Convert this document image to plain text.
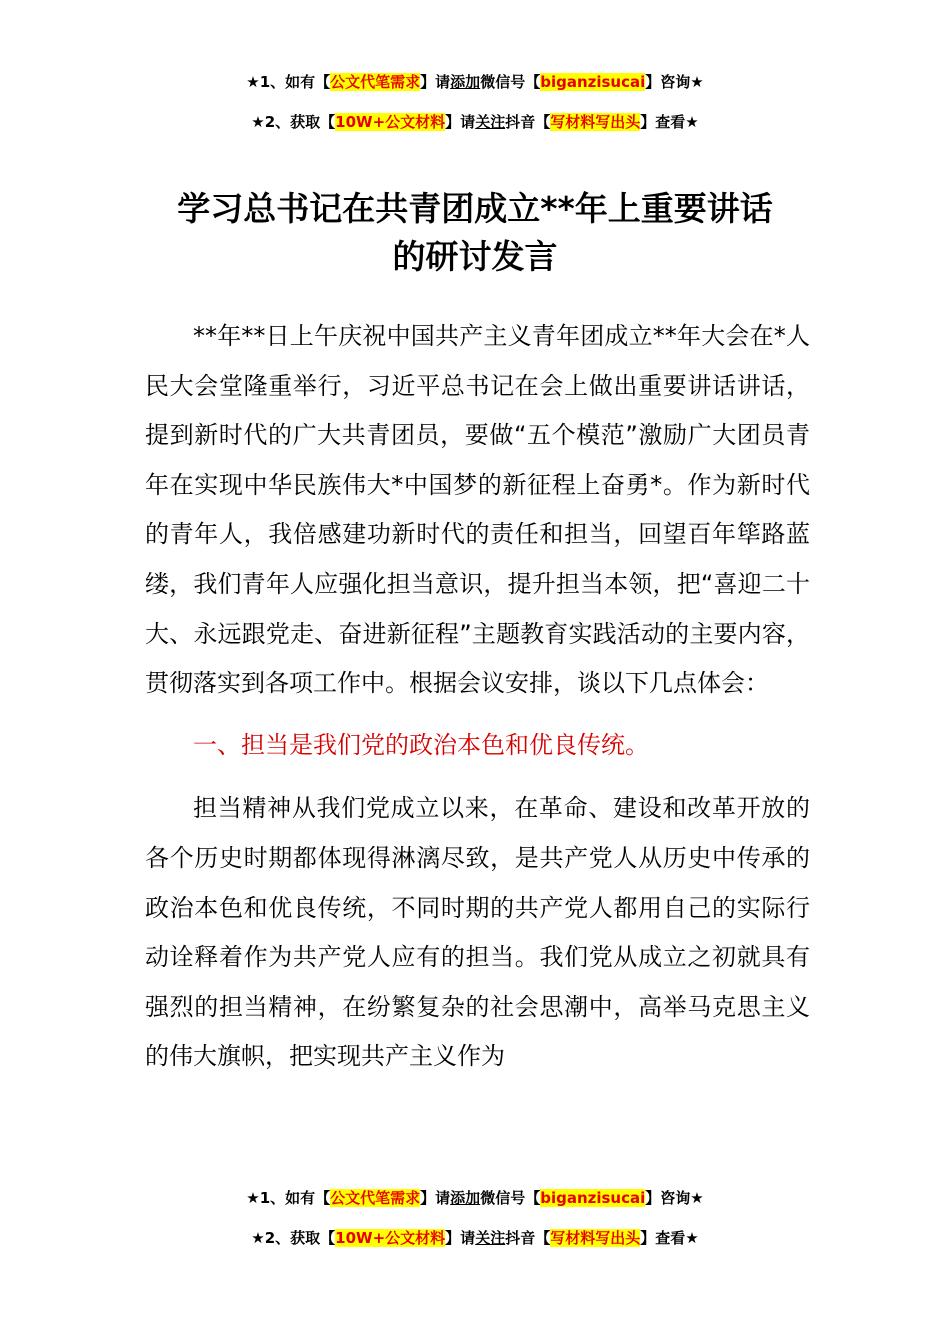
★1、如有【公文代笔需求】请添加微信号【biganzisucai】咨询★
★2、获取【10W+公文材料】请关注抖音【写材料写出头】查看★
学习总书记在共青团成立**年上重要讲话
的研讨发言

**年**日上午庆祝中国共产主义青年团成立**年大会在*人民大会堂隆重举行，习近平总书记在会上做出重要讲话讲话，提到新时代的广大共青团员，要做“五个模范”激励广大团员青年在实现中华民族伟大*中国梦的新征程上奋勇*。作为新时代的青年人，我倍感建功新时代的责任和担当，回望百年筚路蓝缕，我们青年人应强化担当意识，提升担当本领，把“喜迎二十大、永远跟党走、奋进新征程”主题教育实践活动的主要内容，贯彻落实到各项工作中。根据会议安排，谈以下几点体会：

一、担当是我们党的政治本色和优良传统。

担当精神从我们党成立以来，在革命、建设和改革开放的各个历史时期都体现得淋漓尽致，是共产党人从历史中传承的政治本色和优良传统，不同时期的共产党人都用自己的实际行动诠释着作为共产党人应有的担当。我们党从成立之初就具有强烈的担当精神，在纷繁复杂的社会思潮中，高举马克思主义的伟大旗帜，把实现共产主义作为

★1、如有【公文代笔需求】请添加微信号【biganzisucai】咨询★
★2、获取【10W+公文材料】请关注抖音【写材料写出头】查看★
